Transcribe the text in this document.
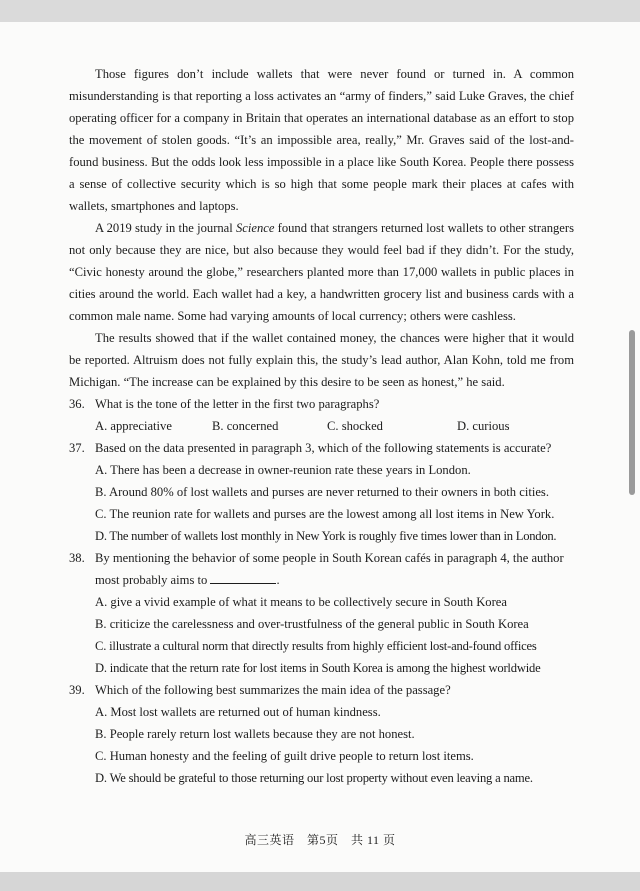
Those figures don’t include wallets that were never found or turned in. A common misunderstanding is that reporting a loss activates an “army of finders,” said Luke Graves, the chief operating officer for a company in Britain that operates an international database as an effort to stop the movement of stolen goods. “It’s an impossible area, really,” Mr. Graves said of the lost-and-found business. But the odds look less impossible in a place like South Korea. People there possess a sense of collective security which is so high that some people mark their places at cafes with wallets, smartphones and laptops.

A 2019 study in the journal Science found that strangers returned lost wallets to other strangers not only because they are nice, but also because they would feel bad if they didn’t. For the study, “Civic honesty around the globe,” researchers planted more than 17,000 wallets in public places in cities around the world. Each wallet had a key, a handwritten grocery list and business cards with a common male name. Some had varying amounts of local currency; others were cashless.

The results showed that if the wallet contained money, the chances were higher that it would be reported. Altruism does not fully explain this, the study’s lead author, Alan Kohn, told me from Michigan. “The increase can be explained by this desire to be seen as honest,” he said.

36. What is the tone of the letter in the first two paragraphs?
A. appreciative	B. concerned	C. shocked	D. curious
37. Based on the data presented in paragraph 3, which of the following statements is accurate?

A. There has been a decrease in owner-reunion rate these years in London.

B. Around 80% of lost wallets and purses are never returned to their owners in both cities.

C. The reunion rate for wallets and purses are the lowest among all lost items in New York.

D. The number of wallets lost monthly in New York is roughly five times lower than in London.

38. By mentioning the behavior of some people in South Korean cafés in paragraph 4, the author most probably aims to	.

A. give a vivid example of what it means to be collectively secure in South Korea

B. criticize the carelessness and over-trustfulness of the general public in South Korea

C. illustrate a cultural norm that directly results from highly efficient lost-and-found offices

D. indicate that the return rate for lost items in South Korea is among the highest worldwide

39. Which of the following best summarizes the main idea of the passage?

A. Most lost wallets are returned out of human kindness.

B. People rarely return lost wallets because they are not honest.

C. Human honesty and the feeling of guilt drive people to return lost items.

D. We should be grateful to those returning our lost property without even leaving a name.

高三英语　第5页　共 11 页
